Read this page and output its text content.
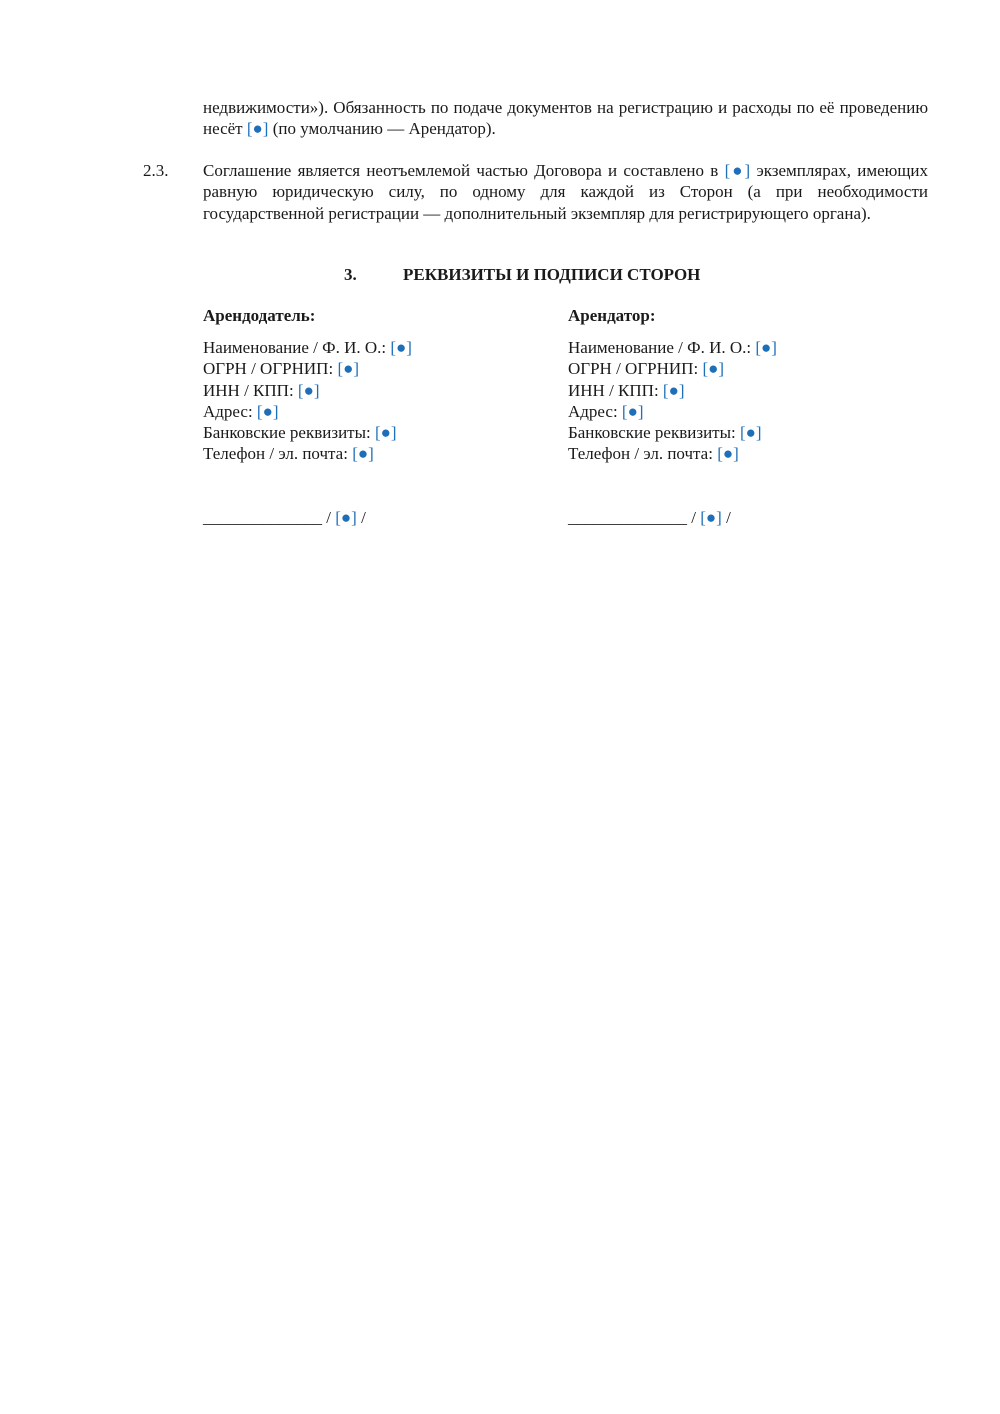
недвижимости»). Обязанность по подаче документов на регистрацию и расходы по её проведению несёт [●] (по умолчанию — Арендатор).

2.3. Соглашение является неотъемлемой частью Договора и составлено в [●] экземплярах, имеющих равную юридическую силу, по одному для каждой из Сторон (а при необходимости государственной регистрации — дополнительный экземпляр для регистрирующего органа).

3.	РЕКВИЗИТЫ И ПОДПИСИ СТОРОН

Арендодатель:

Наименование / Ф. И. О.: [●]

ОГРН / ОГРНИП: [●]

ИНН / КПП: [●]

Адрес: [●]

Банковские реквизиты: [●]

Телефон / эл. почта: [●]

Арендатор:

Наименование / Ф. И. О.: [●]

ОГРН / ОГРНИП: [●]

ИНН / КПП: [●]

Адрес: [●]

Банковские реквизиты: [●]

Телефон / эл. почта: [●]

______________ / [●] /	______________ / [●] /
